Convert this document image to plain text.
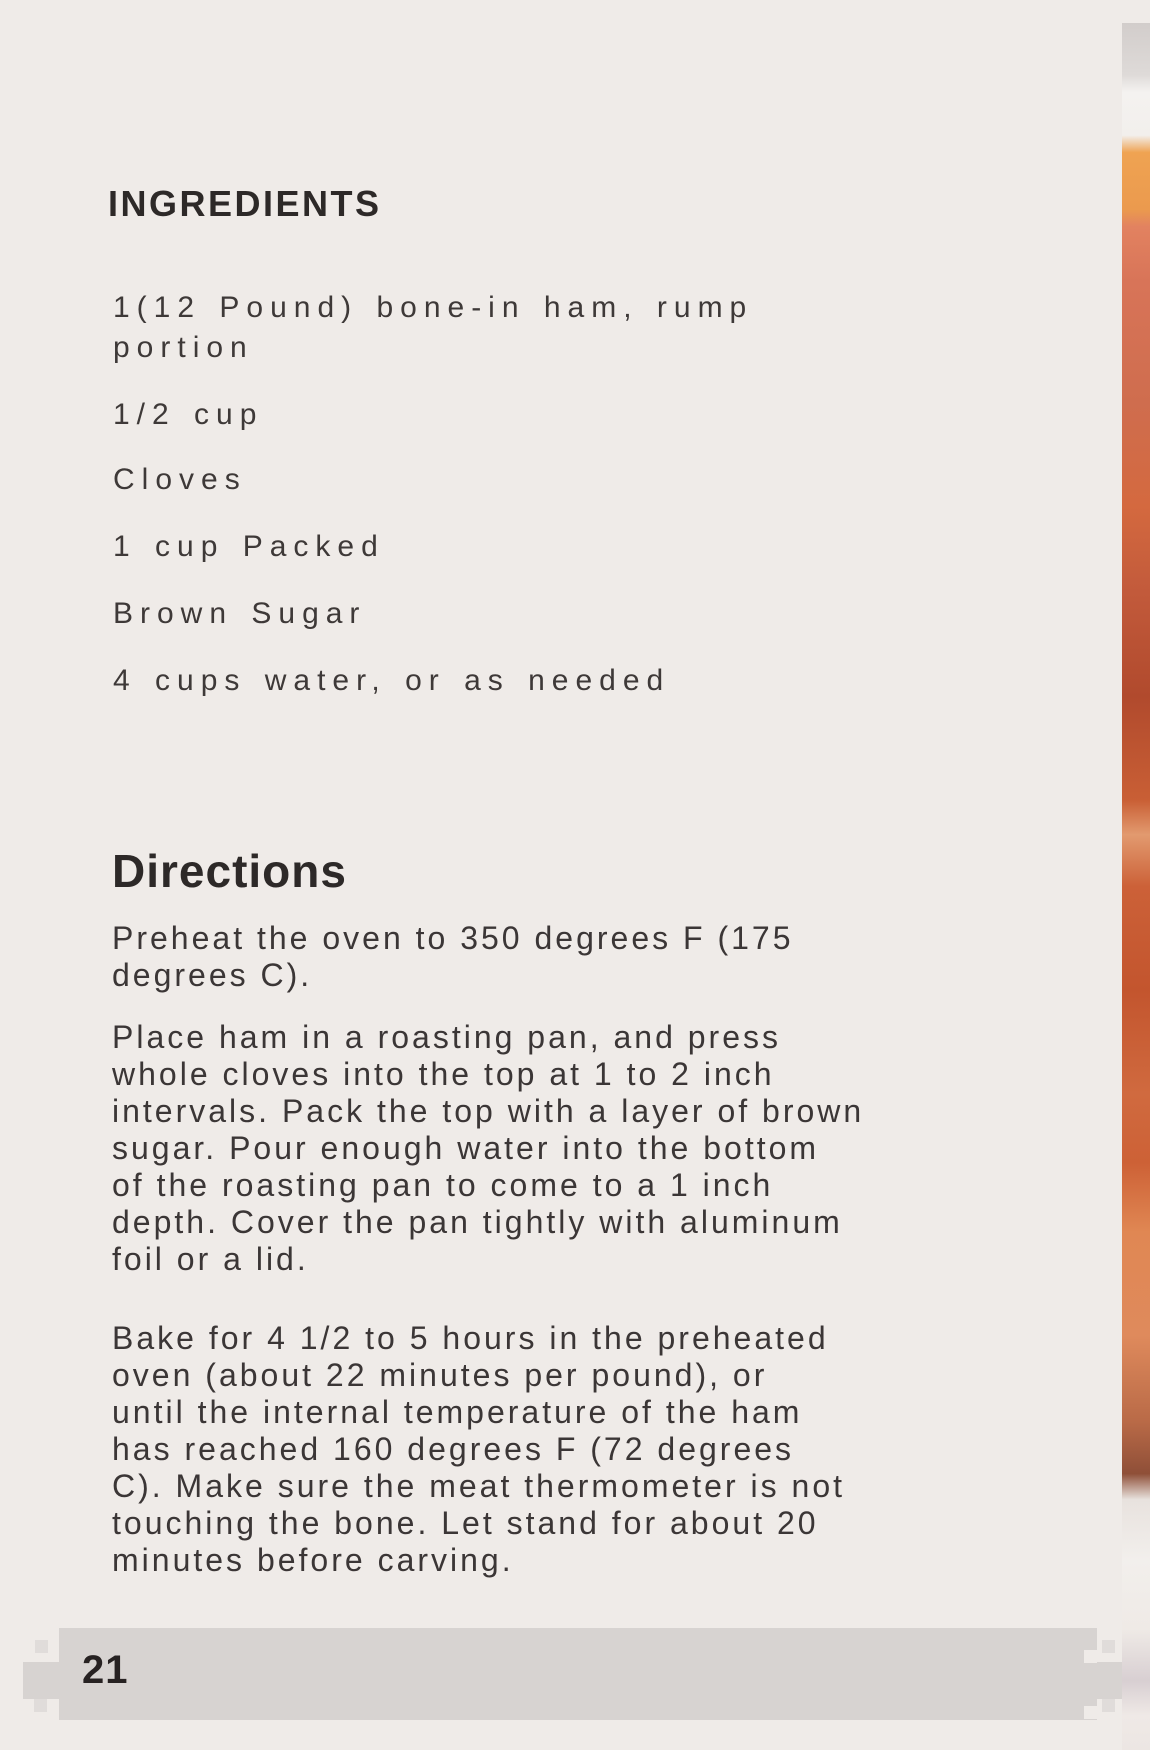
INGREDIENTS
1(12 Pound) bone-in ham, rump
portion
1/2 cup
Cloves
1 cup Packed
Brown Sugar
4 cups water, or as needed
Directions
Preheat the oven to 350 degrees F (175
degrees C).
Place ham in a roasting pan, and press
whole cloves into the top at 1 to 2 inch
intervals. Pack the top with a layer of brown
sugar. Pour enough water into the bottom
of the roasting pan to come to a 1 inch
depth. Cover the pan tightly with aluminum
foil or a lid.
Bake for 4 1/2 to 5 hours in the preheated
oven (about 22 minutes per pound), or
until the internal temperature of the ham
has reached 160 degrees F (72 degrees
C). Make sure the meat thermometer is not
touching the bone. Let stand for about 20
minutes before carving.
21
